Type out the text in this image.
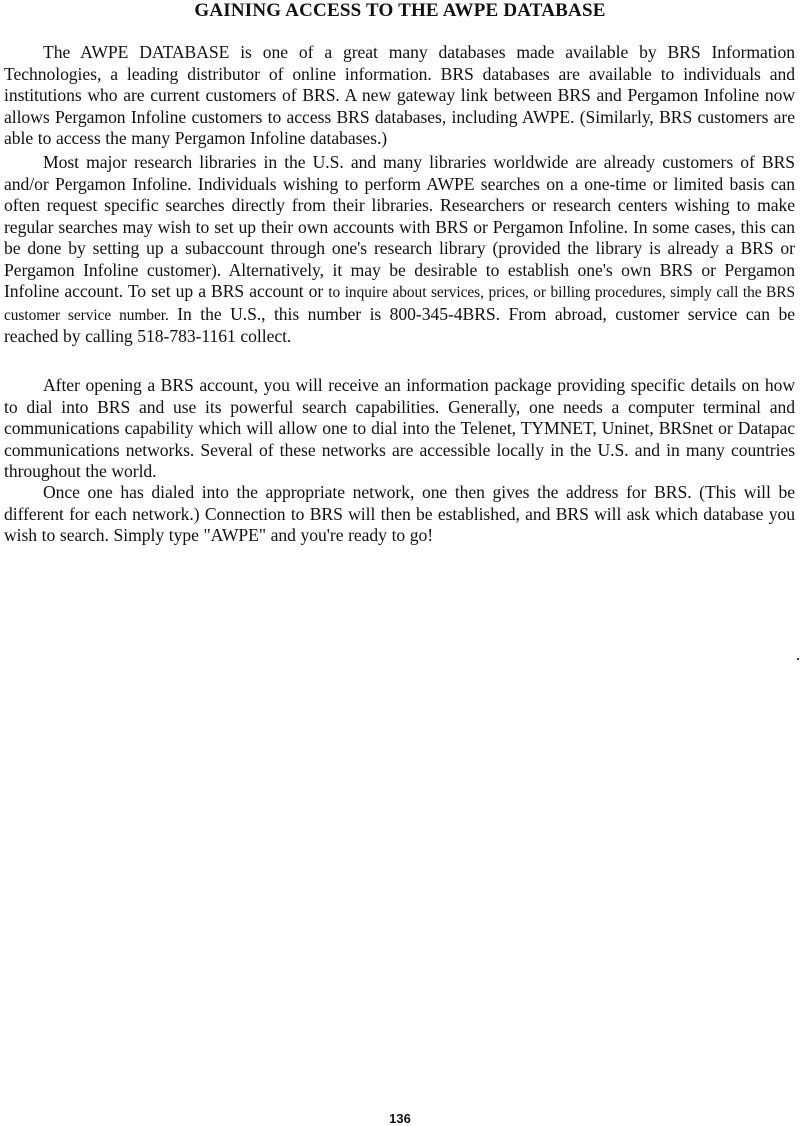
GAINING ACCESS TO THE AWPE DATABASE

The AWPE DATABASE is one of a great many databases made available by BRS Information Technologies, a leading distributor of online information. BRS databases are available to individuals and institutions who are current customers of BRS. A new gateway link between BRS and Pergamon Infoline now allows Pergamon Infoline customers to access BRS databases, including AWPE. (Similarly, BRS customers are able to access the many Pergamon Infoline databases.)

Most major research libraries in the U.S. and many libraries worldwide are already customers of BRS and/or Pergamon Infoline. Individuals wishing to perform AWPE searches on a one-time or limited basis can often request specific searches directly from their libraries. Researchers or research centers wishing to make regular searches may wish to set up their own accounts with BRS or Pergamon Infoline. In some cases, this can be done by setting up a subaccount through one's research library (provided the library is already a BRS or Pergamon Infoline customer). Alternatively, it may be desirable to establish one's own BRS or Pergamon Infoline account. To set up a BRS account or to inquire about services, prices, or billing procedures, simply call the BRS customer service number. In the U.S., this number is 800-345-4BRS. From abroad, customer service can be reached by calling 518-783-1161 collect.

After opening a BRS account, you will receive an information package providing specific details on how to dial into BRS and use its powerful search capabilities. Generally, one needs a computer terminal and communications capability which will allow one to dial into the Telenet, TYMNET, Uninet, BRSnet or Datapac communications networks. Several of these networks are accessible locally in the U.S. and in many countries throughout the world.

Once one has dialed into the appropriate network, one then gives the address for BRS. (This will be different for each network.) Connection to BRS will then be established, and BRS will ask which database you wish to search. Simply type "AWPE" and you're ready to go!

136
